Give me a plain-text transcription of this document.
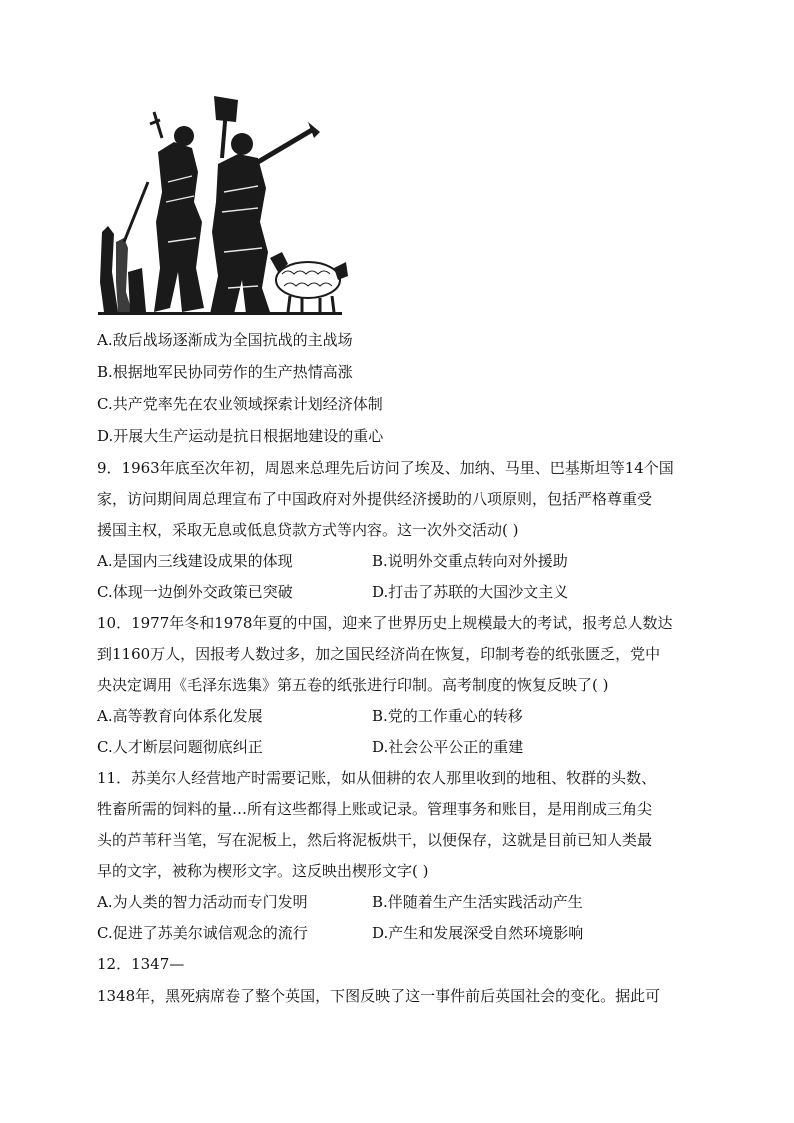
A.敌后战场逐渐成为全国抗战的主战场
B.根据地军民协同劳作的生产热情高涨
C.共产党率先在农业领域探索计划经济体制
D.开展大生产运动是抗日根据地建设的重心
9．1963年底至次年初，周恩来总理先后访问了埃及、加纳、马里、巴基斯坦等14个国
家，访问期间周总理宣布了中国政府对外提供经济援助的八项原则，包括严格尊重受
援国主权，采取无息或低息贷款方式等内容。这一次外交活动( )
A.是国内三线建设成果的体现	B.说明外交重点转向对外援助
C.体现一边倒外交政策已突破	D.打击了苏联的大国沙文主义
10．1977年冬和1978年夏的中国，迎来了世界历史上规模最大的考试，报考总人数达
到1160万人，因报考人数过多，加之国民经济尚在恢复，印制考卷的纸张匮乏，党中
央决定调用《毛泽东选集》第五卷的纸张进行印制。高考制度的恢复反映了( )
A.高等教育向体系化发展	B.党的工作重心的转移
C.人才断层问题彻底纠正	D.社会公平公正的重建
11．苏美尔人经营地产时需要记账，如从佃耕的农人那里收到的地租、牧群的头数、
牲畜所需的饲料的量…所有这些都得上账或记录。管理事务和账目，是用削成三角尖
头的芦苇秆当笔，写在泥板上，然后将泥板烘干，以便保存，这就是目前已知人类最
早的文字，被称为楔形文字。这反映出楔形文字( )
A.为人类的智力活动而专门发明	B.伴随着生产生活实践活动产生
C.促进了苏美尔诚信观念的流行	D.产生和发展深受自然环境影响
12．1347—
1348年，黑死病席卷了整个英国，下图反映了这一事件前后英国社会的变化。据此可
